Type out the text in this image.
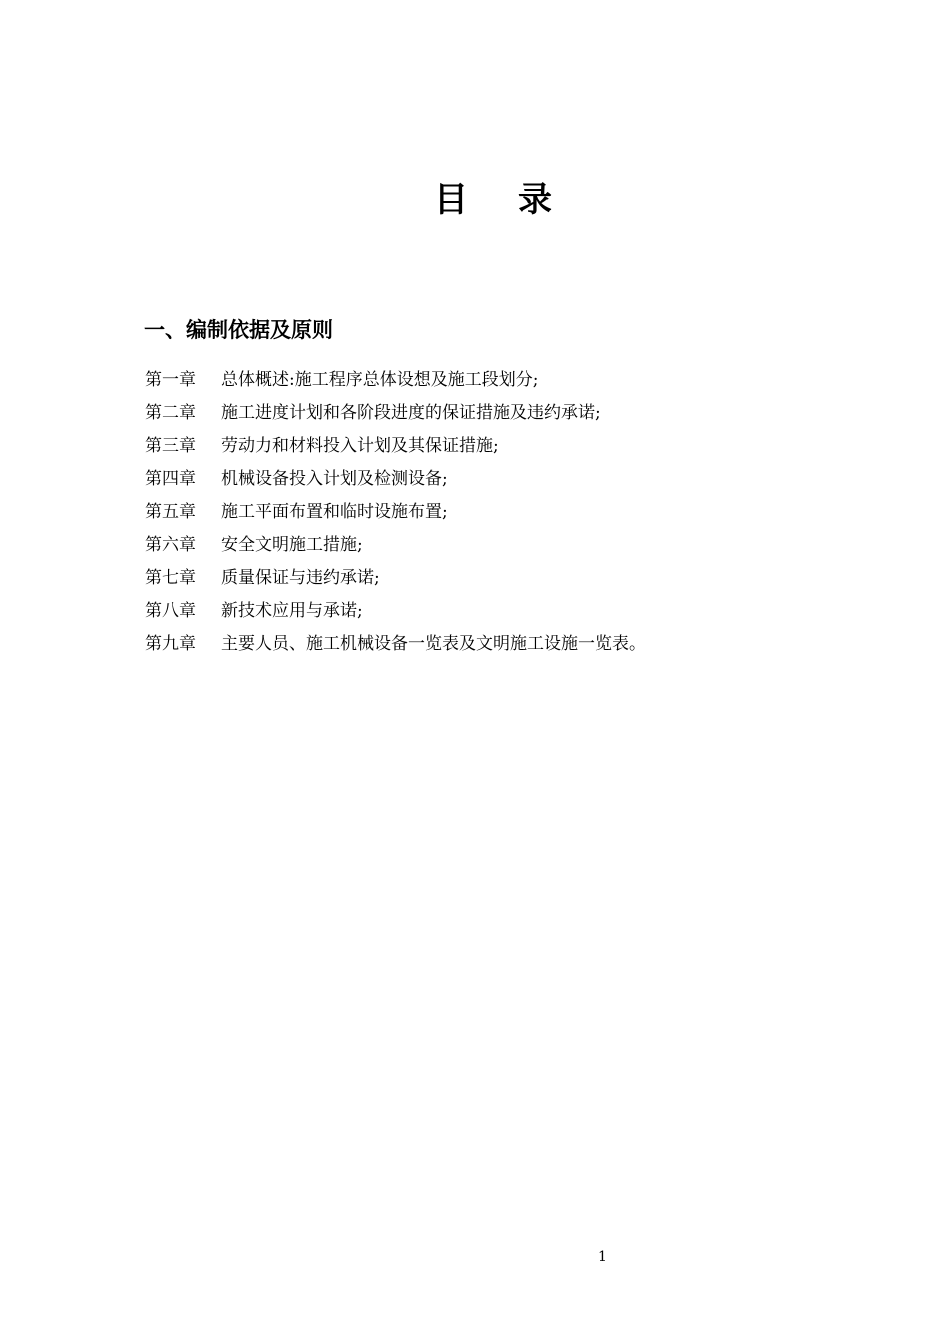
目录
一、编制依据及原则
第一章 总体概述:施工程序总体设想及施工段划分;
第二章 施工进度计划和各阶段进度的保证措施及违约承诺;
第三章 劳动力和材料投入计划及其保证措施;
第四章 机械设备投入计划及检测设备;
第五章 施工平面布置和临时设施布置;
第六章 安全文明施工措施;
第七章 质量保证与违约承诺;
第八章 新技术应用与承诺;
第九章 主要人员、施工机械设备一览表及文明施工设施一览表。
1
